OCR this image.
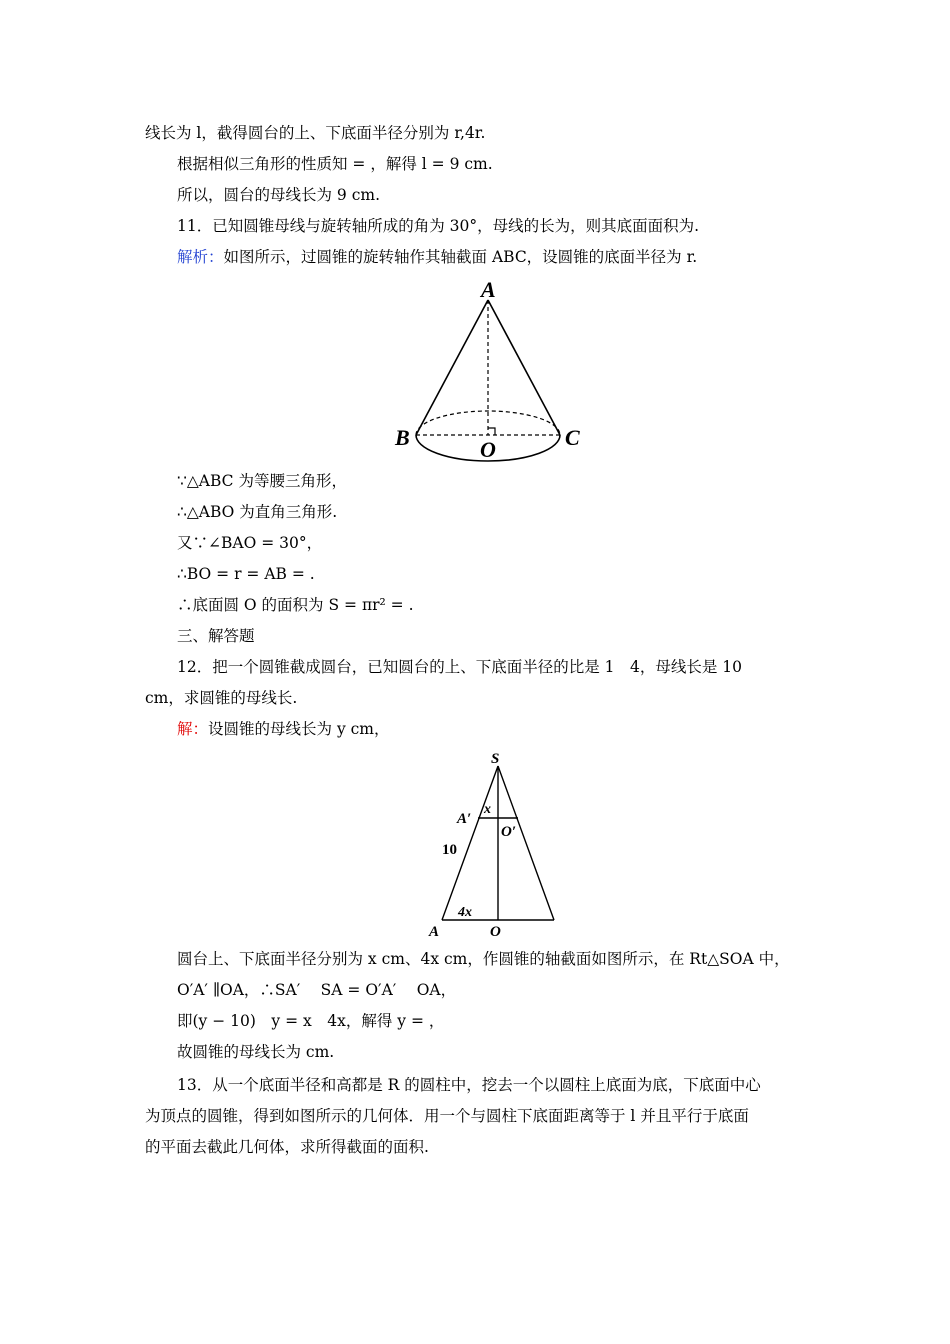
线长为 l，截得圆台的上、下底面半径分别为 r,4r.
根据相似三角形的性质知 = ，解得 l = 9 cm.
所以，圆台的母线长为 9 cm.
11．已知圆锥母线与旋转轴所成的角为 30°，母线的长为，则其底面面积为.
解析：如图所示，过圆锥的旋转轴作其轴截面 ABC，设圆锥的底面半径为 r.
A
B	C
O
∵△ABC 为等腰三角形，
∴△ABO 为直角三角形.
又∵∠BAO = 30°，
∴BO = r = AB = .
∴底面圆 O 的面积为 S = πr² = .
三、解答题
12．把一个圆锥截成圆台，已知圆台的上、下底面半径的比是 1　4，母线长是 10
cm，求圆锥的母线长.
解：设圆锥的母线长为 y cm，
S
x
A′
O′
10
4x
A	O
圆台上、下底面半径分别为 x cm、4x cm，作圆锥的轴截面如图所示，在 Rt△SOA 中，
O′A′ ∥OA，∴SA′　 SA = O′A′　 OA，
即(y − 10)　y = x　4x，解得 y = ，
故圆锥的母线长为 cm.
13．从一个底面半径和高都是 R 的圆柱中，挖去一个以圆柱上底面为底，下底面中心
为顶点的圆锥，得到如图所示的几何体．用一个与圆柱下底面距离等于 l 并且平行于底面
的平面去截此几何体，求所得截面的面积.
